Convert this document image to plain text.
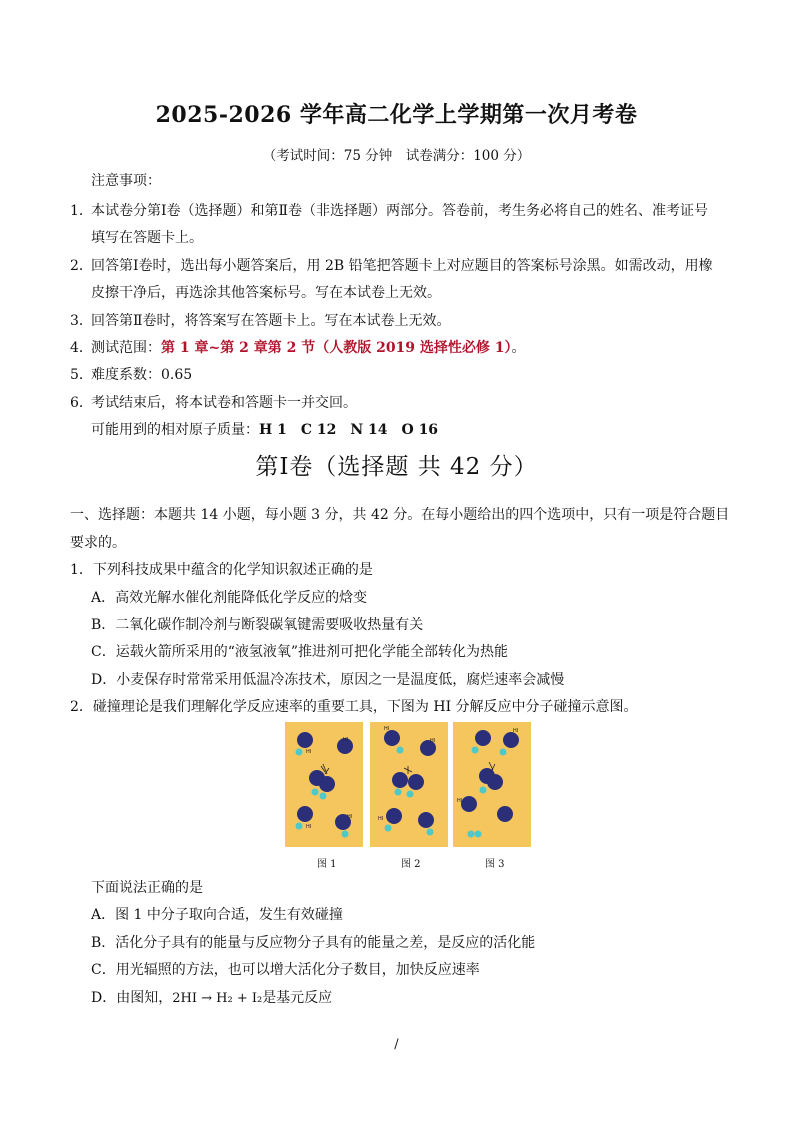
2025-2026 学年高二化学上学期第一次月考卷
（考试时间：75 分钟　试卷满分：100 分）
注意事项：
1．
本试卷分第Ⅰ卷（选择题）和第Ⅱ卷（非选择题）两部分。答卷前，考生务必将自己的姓名、准考证号
填写在答题卡上。
2．
回答第Ⅰ卷时，选出每小题答案后，用 2B 铅笔把答题卡上对应题目的答案标号涂黑。如需改动，用橡
皮擦干净后，再选涂其他答案标号。写在本试卷上无效。
3．
回答第Ⅱ卷时，将答案写在答题卡上。写在本试卷上无效。
4．
测试范围：第 1 章~第 2 章第 2 节（人教版 2019 选择性必修 1）。
5．
难度系数：0.65
6．
考试结束后，将本试卷和答题卡一并交回。
可能用到的相对原子质量：H 1　C 12　N 14　O 16
第Ⅰ卷（选择题 共 42 分）
一、选择题：本题共 14 小题，每小题 3 分，共 42 分。在每小题给出的四个选项中，只有一项是符合题目
要求的。
1．下列科技成果中蕴含的化学知识叙述正确的是
A．高效光解水催化剂能降低化学反应的焓变
B．二氧化碳作制冷剂与断裂碳氧键需要吸收热量有关
C．运载火箭所采用的“液氢液氧”推进剂可把化学能全部转化为热能
D．小麦保存时常常采用低温冷冻技术，原因之一是温度低，腐烂速率会减慢
2．碰撞理论是我们理解化学反应速率的重要工具，下图为 HI 分解反应中分子碰撞示意图。
HI
HI
HI
HI
HI
HI
HI
HI
HI
图 1	图 2	图 3
下面说法正确的是
A．图 1 中分子取向合适，发生有效碰撞
B．活化分子具有的能量与反应物分子具有的能量之差，是反应的活化能
C．用光辐照的方法，也可以增大活化分子数目，加快反应速率
D．由图知，2HI → H₂ + I₂是基元反应
/
